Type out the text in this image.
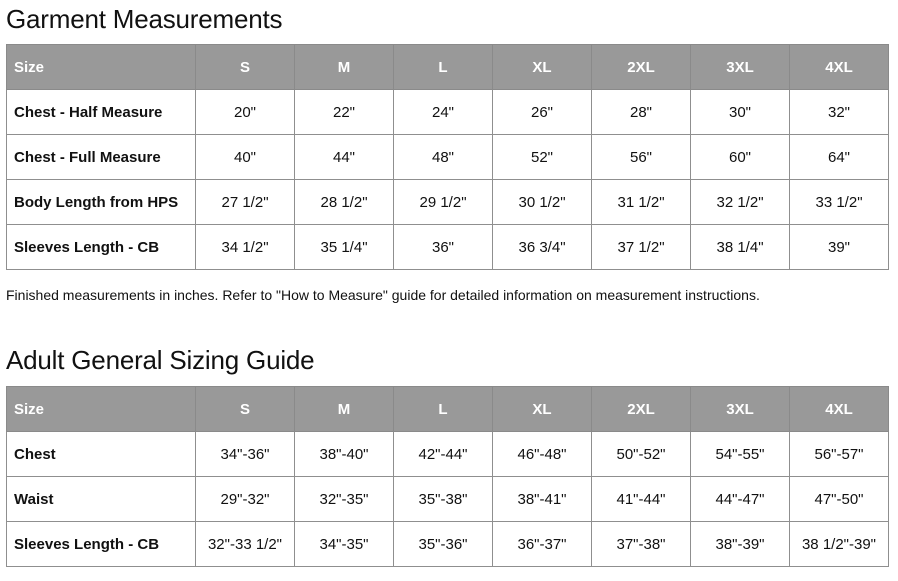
Garment Measurements
Size	S	M	L	XL	2XL	3XL	4XL
Chest - Half Measure	20"	22"	24"	26"	28"	30"	32"
Chest - Full Measure	40"	44"	48"	52"	56"	60"	64"
Body Length from HPS	27 1/2"	28 1/2"	29 1/2"	30 1/2"	31 1/2"	32 1/2"	33 1/2"
Sleeves Length - CB	34 1/2"	35 1/4"	36"	36 3/4"	37 1/2"	38 1/4"	39"

Finished measurements in inches. Refer to "How to Measure" guide for detailed information on measurement instructions.

Adult General Sizing Guide
Size	S	M	L	XL	2XL	3XL	4XL
Chest	34"-36"	38"-40"	42"-44"	46"-48"	50"-52"	54"-55"	56"-57"
Waist	29"-32"	32"-35"	35"-38"	38"-41"	41"-44"	44"-47"	47"-50"
Sleeves Length - CB	32"-33 1/2"	34"-35"	35"-36"	36"-37"	37"-38"	38"-39"	38 1/2"-39"
